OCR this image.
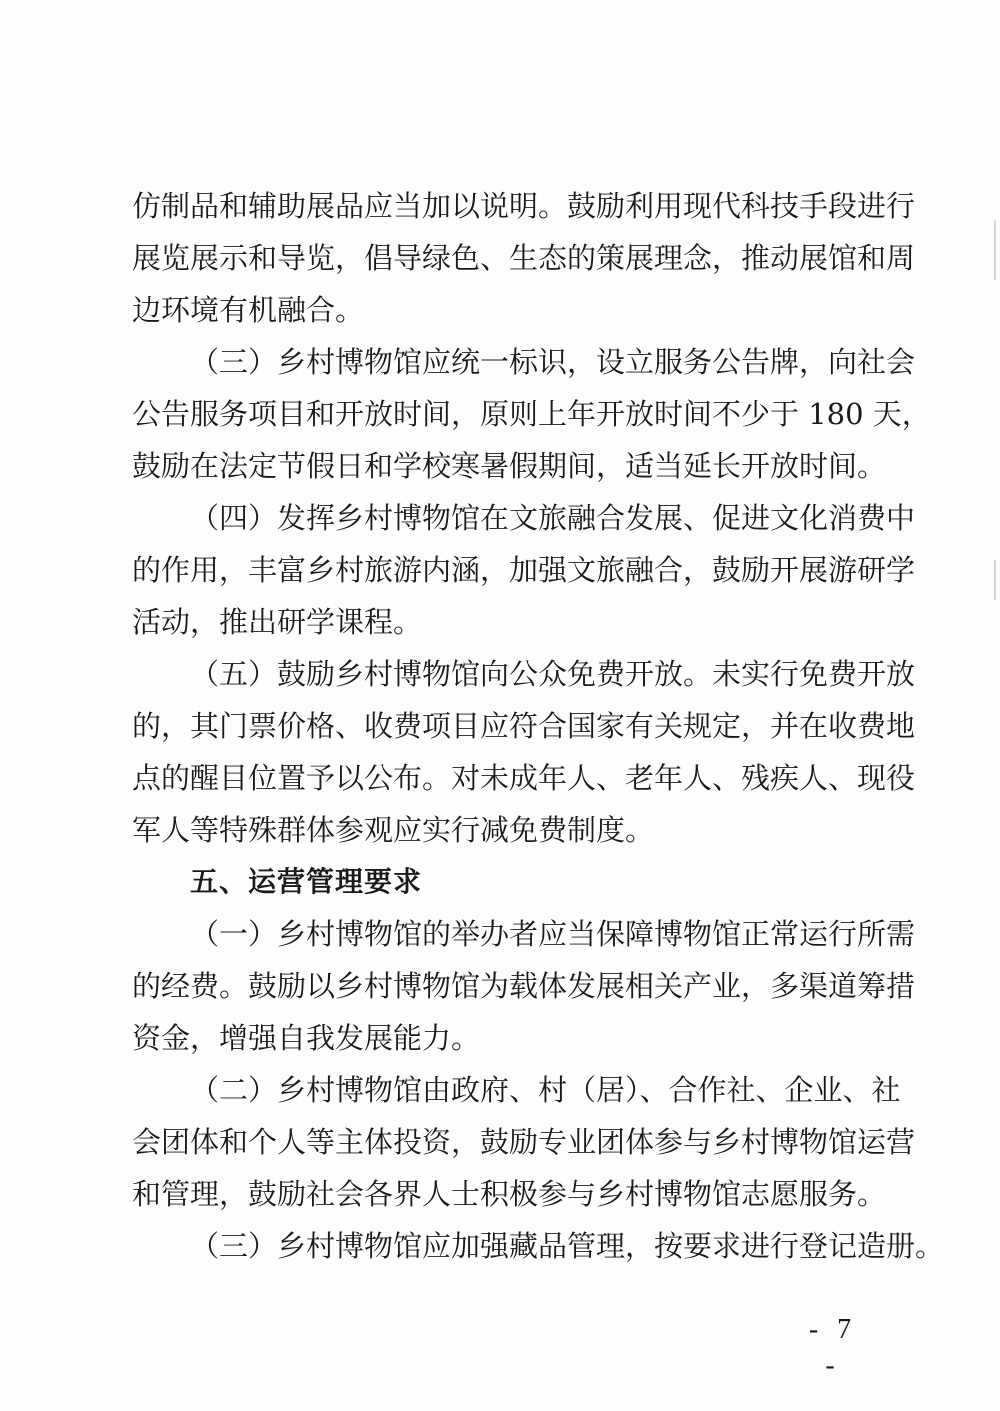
仿制品和辅助展品应当加以说明。鼓励利用现代科技手段进行
展览展示和导览，倡导绿色、生态的策展理念，推动展馆和周
边环境有机融合。
（三）乡村博物馆应统一标识，设立服务公告牌，向社会
公告服务项目和开放时间，原则上年开放时间不少于 180 天，
鼓励在法定节假日和学校寒暑假期间，适当延长开放时间。
（四）发挥乡村博物馆在文旅融合发展、促进文化消费中
的作用，丰富乡村旅游内涵，加强文旅融合，鼓励开展游研学
活动，推出研学课程。
（五）鼓励乡村博物馆向公众免费开放。未实行免费开放
的，其门票价格、收费项目应符合国家有关规定，并在收费地
点的醒目位置予以公布。对未成年人、老年人、残疾人、现役
军人等特殊群体参观应实行减免费制度。
五、运营管理要求
（一）乡村博物馆的举办者应当保障博物馆正常运行所需
的经费。鼓励以乡村博物馆为载体发展相关产业，多渠道筹措
资金，增强自我发展能力。
（二）乡村博物馆由政府、村（居）、合作社、企业、社
会团体和个人等主体投资，鼓励专业团体参与乡村博物馆运营
和管理，鼓励社会各界人士积极参与乡村博物馆志愿服务。
（三）乡村博物馆应加强藏品管理，按要求进行登记造册。
- 7 -
